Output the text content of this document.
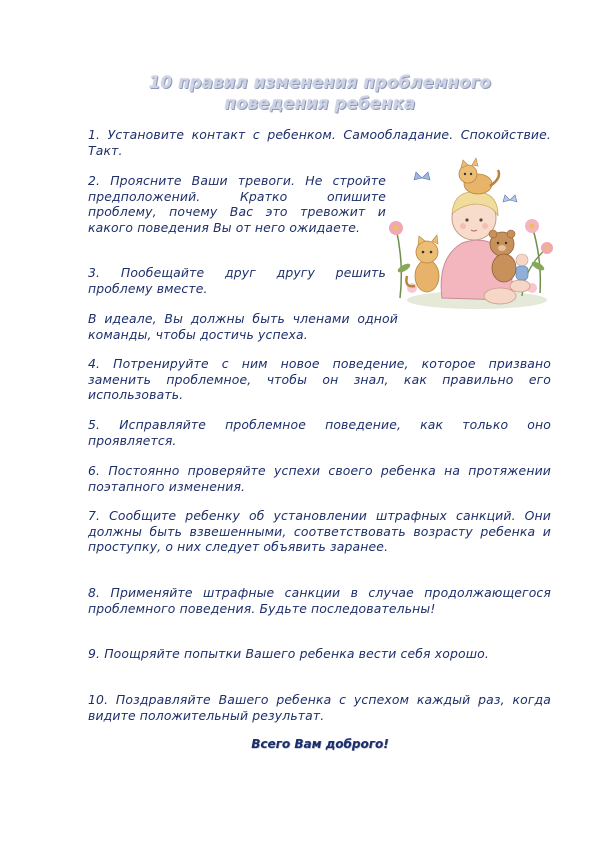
10 правил изменения проблемного
поведения ребенка

1. Установите контакт с ребенком. Самообладание. Спокойствие. Такт.

2. Проясните Ваши тревоги. Не стройте предположений. Кратко опишите проблему, почему Вас это тревожит и какого поведения Вы от него ожидаете.

3. Пообещайте друг другу решить проблему вместе.

В идеале, Вы должны быть членами одной команды, чтобы достичь успеха.

4. Потренируйте с ним новое поведение, которое призвано заменить проблемное, чтобы он знал, как правильно его использовать.

5. Исправляйте проблемное поведение, как только оно проявляется.

6. Постоянно проверяйте успехи своего ребенка на протяжении поэтапного изменения.

7. Сообщите ребенку об установлении штрафных санкций. Они должны быть взвешенными, соответствовать возрасту ребенка и проступку, о них следует объявить заранее.

8. Применяйте штрафные санкции в случае продолжающегося проблемного поведения. Будьте последовательны!

9. Поощряйте попытки Вашего ребенка вести себя хорошо.

10. Поздравляйте Вашего ребенка с успехом каждый раз, когда видите положительный результат.

Всего Вам доброго!
